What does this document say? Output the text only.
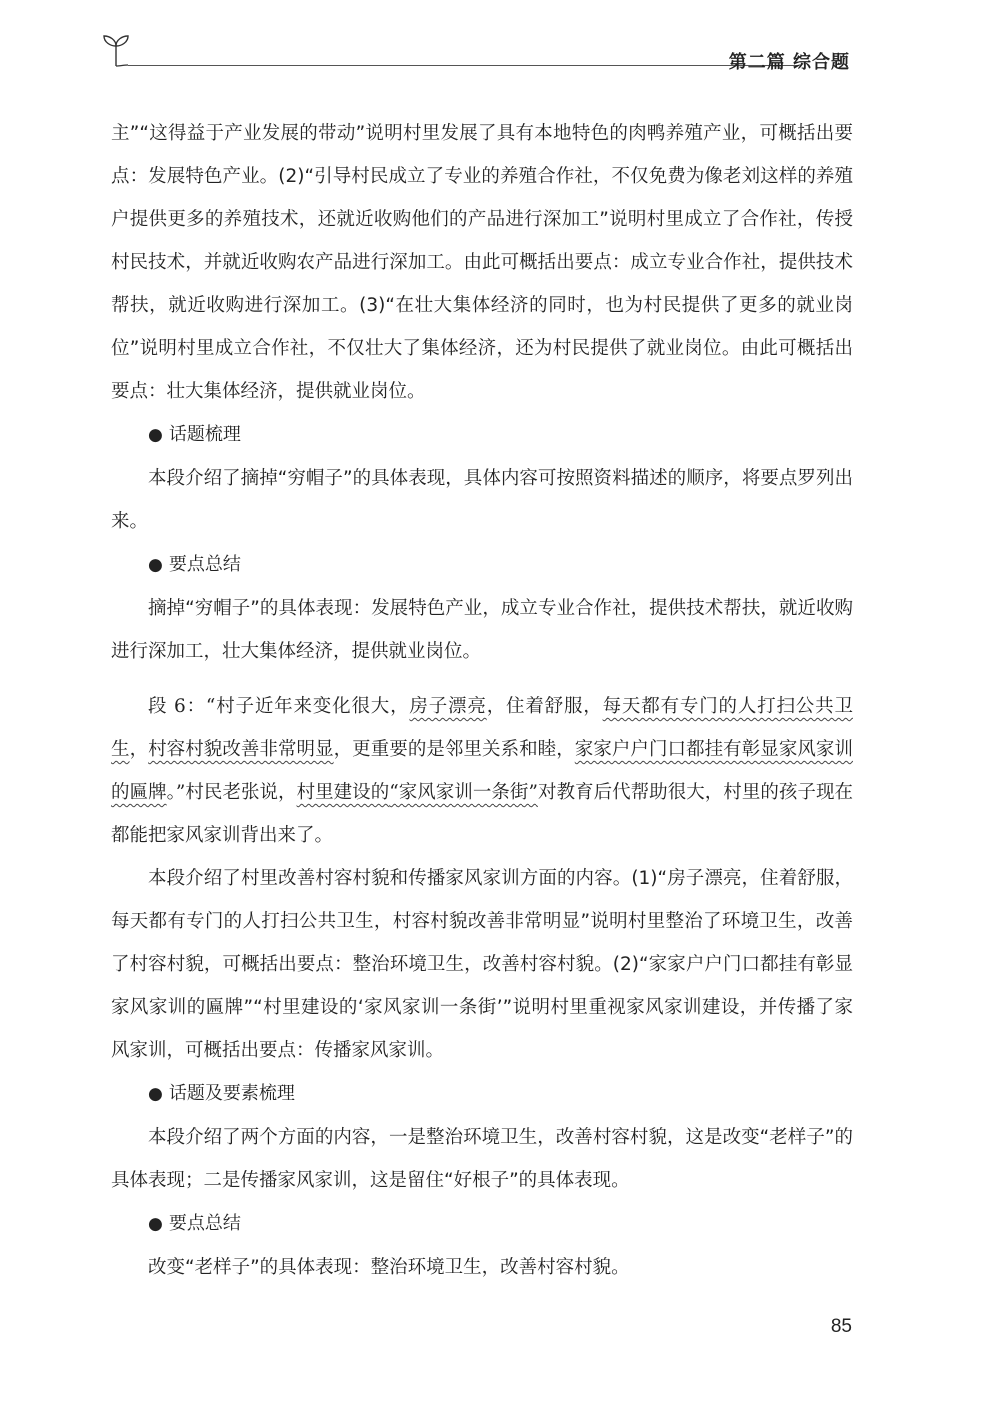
第二篇 综合题

主”“这得益于产业发展的带动”说明村里发展了具有本地特色的肉鸭养殖产业，可概括出要点：发展特色产业。(2)“引导村民成立了专业的养殖合作社，不仅免费为像老刘这样的养殖户提供更多的养殖技术，还就近收购他们的产品进行深加工”说明村里成立了合作社，传授村民技术，并就近收购农产品进行深加工。由此可概括出要点：成立专业合作社，提供技术帮扶，就近收购进行深加工。(3)“在壮大集体经济的同时，也为村民提供了更多的就业岗位”说明村里成立合作社，不仅壮大了集体经济，还为村民提供了就业岗位。由此可概括出要点：壮大集体经济，提供就业岗位。

● 话题梳理

本段介绍了摘掉“穷帽子”的具体表现，具体内容可按照资料描述的顺序，将要点罗列出来。

● 要点总结

摘掉“穷帽子”的具体表现：发展特色产业，成立专业合作社，提供技术帮扶，就近收购进行深加工，壮大集体经济，提供就业岗位。

段 6：“村子近年来变化很大，房子漂亮，住着舒服，每天都有专门的人打扫公共卫生，村容村貌改善非常明显，更重要的是邻里关系和睦，家家户户门口都挂有彰显家风家训的匾牌。”村民老张说，村里建设的“家风家训一条街”对教育后代帮助很大，村里的孩子现在都能把家风家训背出来了。

本段介绍了村里改善村容村貌和传播家风家训方面的内容。(1)“房子漂亮，住着舒服，每天都有专门的人打扫公共卫生，村容村貌改善非常明显”说明村里整治了环境卫生，改善了村容村貌，可概括出要点：整治环境卫生，改善村容村貌。(2)“家家户户门口都挂有彰显家风家训的匾牌”“村里建设的‘家风家训一条街’”说明村里重视家风家训建设，并传播了家风家训，可概括出要点：传播家风家训。

● 话题及要素梳理

本段介绍了两个方面的内容，一是整治环境卫生，改善村容村貌，这是改变“老样子”的具体表现；二是传播家风家训，这是留住“好根子”的具体表现。

● 要点总结

改变“老样子”的具体表现：整治环境卫生，改善村容村貌。

85
